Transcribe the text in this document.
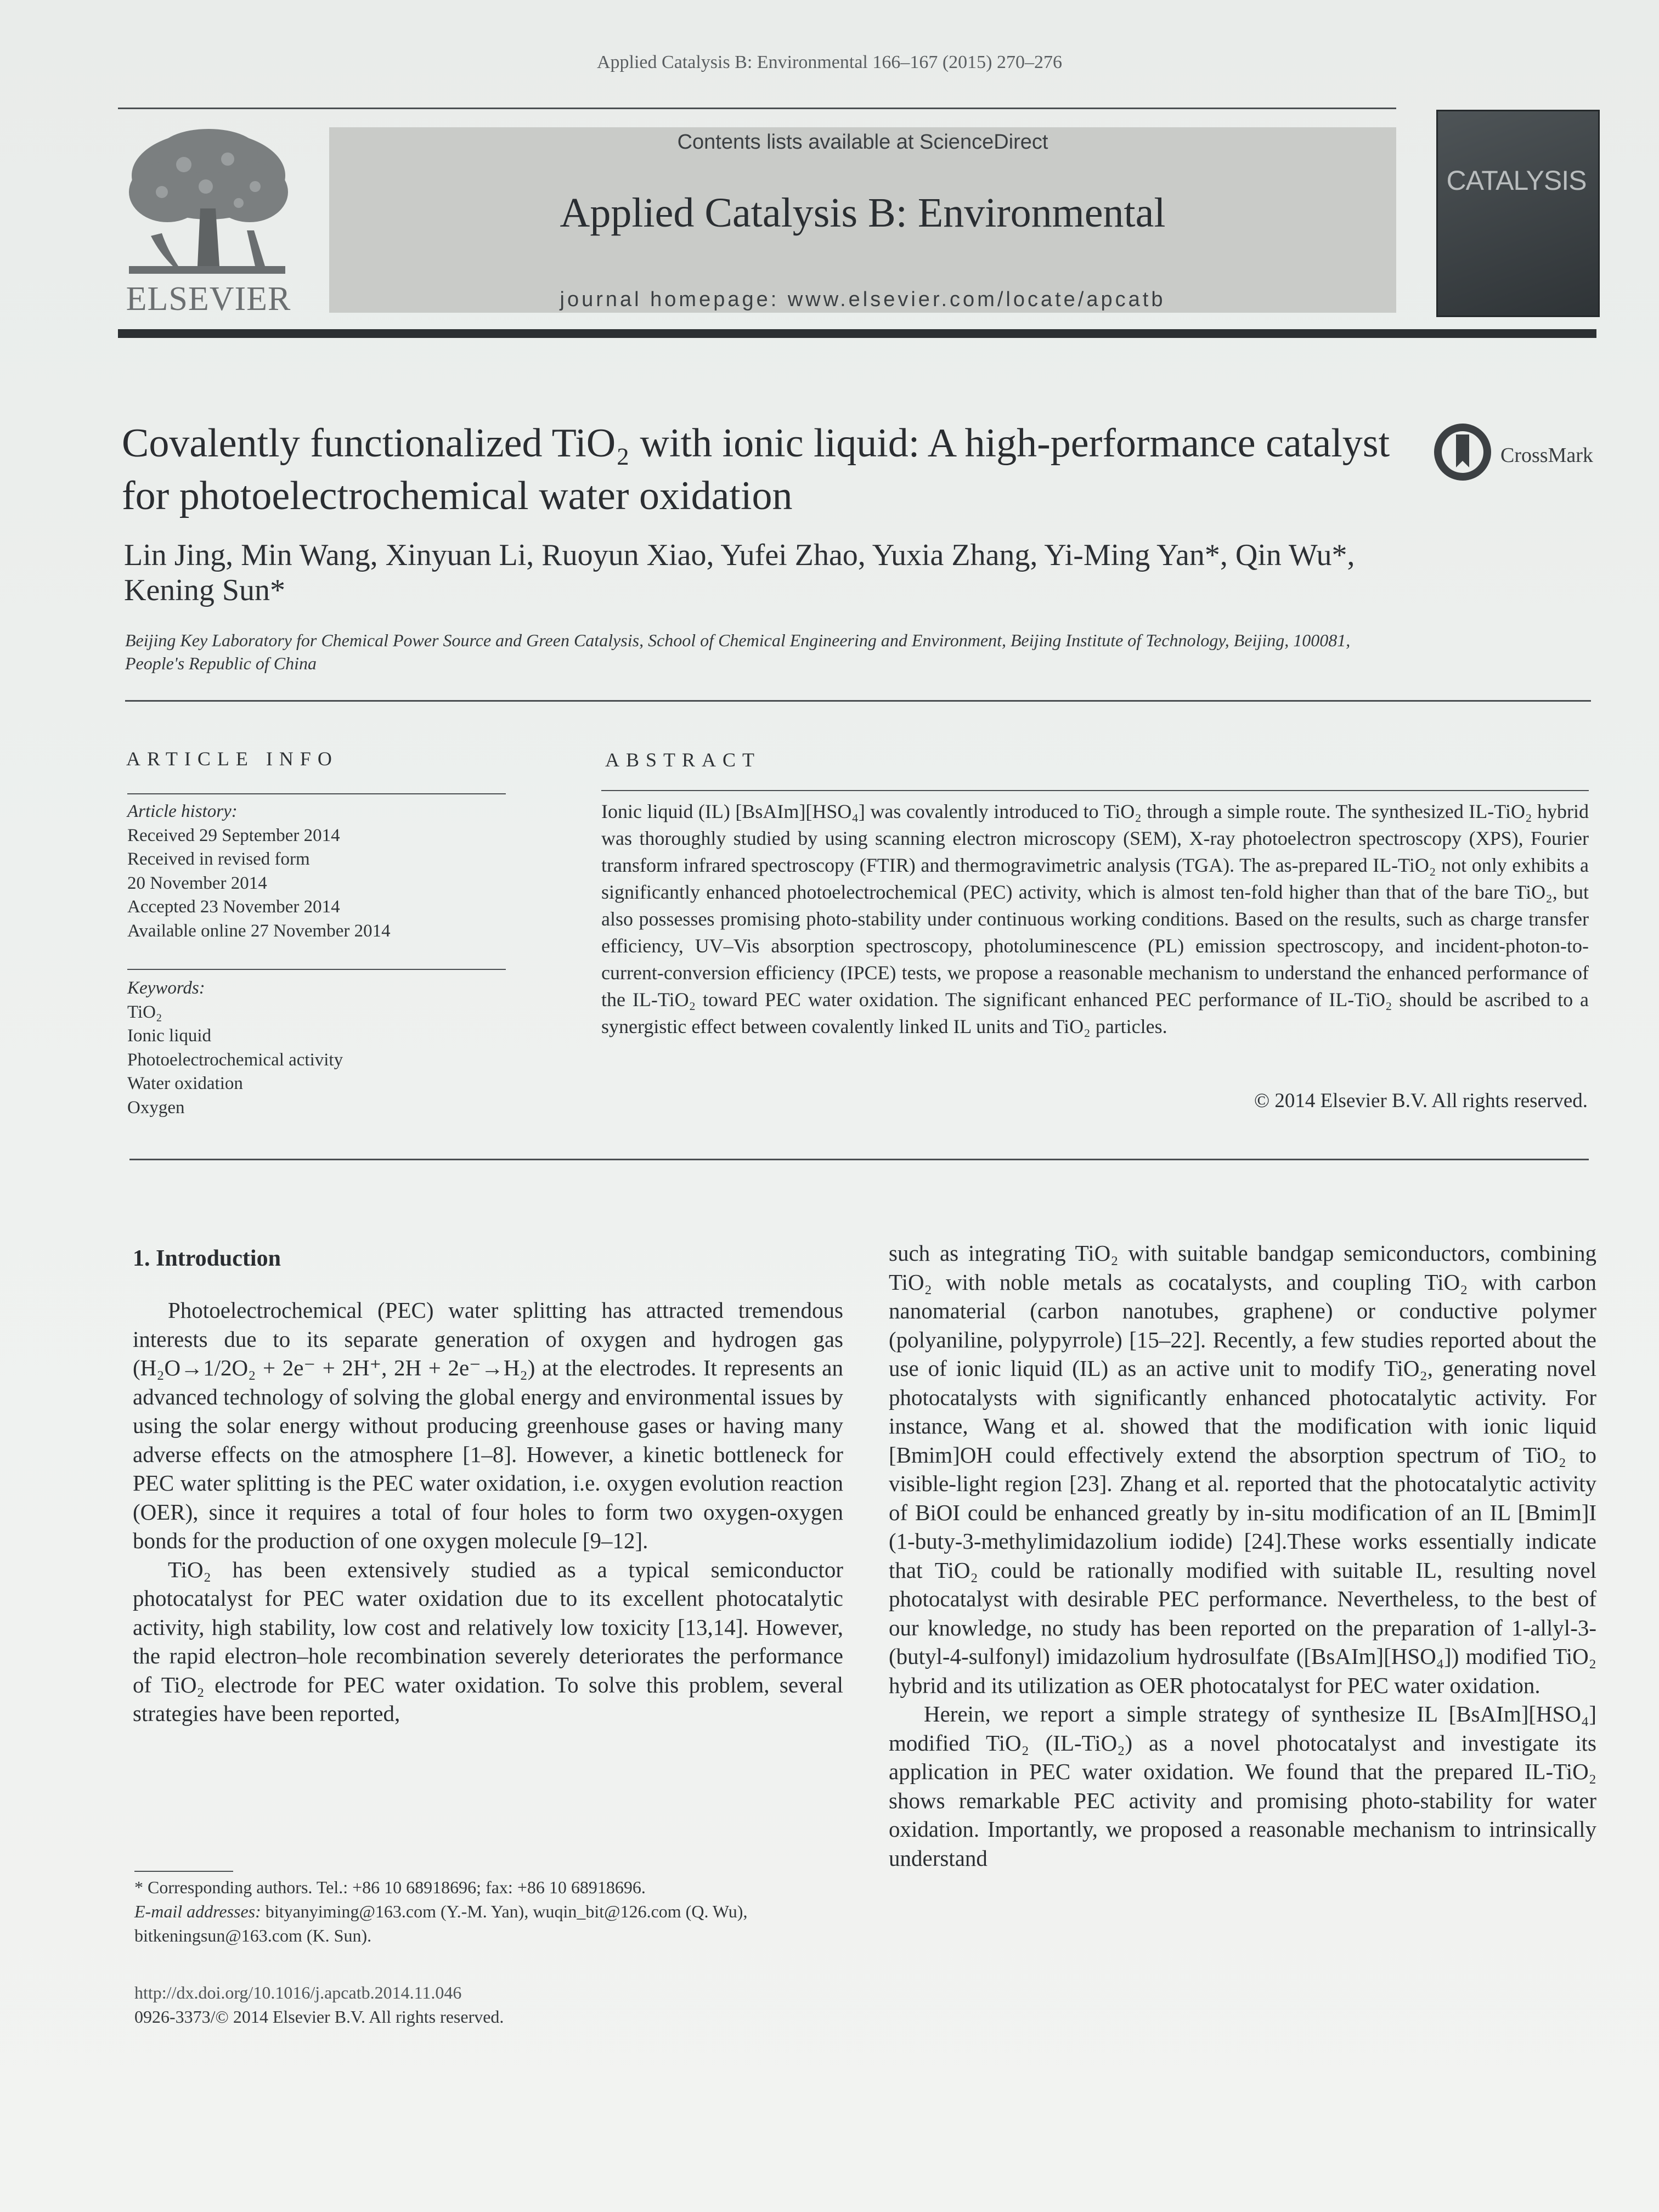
Applied Catalysis B: Environmental 166–167 (2015) 270–276
ELSEVIER
Contents lists available at ScienceDirect
Applied Catalysis B: Environmental
journal homepage: www.elsevier.com/locate/apcatb
CATALYSIS
Covalently functionalized TiO₂ with ionic liquid: A high-performance catalyst for photoelectrochemical water oxidation
CrossMark
Lin Jing, Min Wang, Xinyuan Li, Ruoyun Xiao, Yufei Zhao, Yuxia Zhang, Yi-Ming Yan*, Qin Wu*, Kening Sun*
Beijing Key Laboratory for Chemical Power Source and Green Catalysis, School of Chemical Engineering and Environment, Beijing Institute of Technology, Beijing, 100081, People's Republic of China
ARTICLE INFO
Article history:
Received 29 September 2014
Received in revised form
20 November 2014
Accepted 23 November 2014
Available online 27 November 2014
Keywords:
TiO₂
Ionic liquid
Photoelectrochemical activity
Water oxidation
Oxygen
ABSTRACT
Ionic liquid (IL) [BsAIm][HSO₄] was covalently introduced to TiO₂ through a simple route. The synthesized IL-TiO₂ hybrid was thoroughly studied by using scanning electron microscopy (SEM), X-ray photoelectron spectroscopy (XPS), Fourier transform infrared spectroscopy (FTIR) and thermogravimetric analysis (TGA). The as-prepared IL-TiO₂ not only exhibits a significantly enhanced photoelectrochemical (PEC) activity, which is almost ten-fold higher than that of the bare TiO₂, but also possesses promising photo-stability under continuous working conditions. Based on the results, such as charge transfer efficiency, UV–Vis absorption spectroscopy, photoluminescence (PL) emission spectroscopy, and incident-photon-to-current-conversion efficiency (IPCE) tests, we propose a reasonable mechanism to understand the enhanced performance of the IL-TiO₂ toward PEC water oxidation. The significant enhanced PEC performance of IL-TiO₂ should be ascribed to a synergistic effect between covalently linked IL units and TiO₂ particles.
© 2014 Elsevier B.V. All rights reserved.
1. Introduction

Photoelectrochemical (PEC) water splitting has attracted tremendous interests due to its separate generation of oxygen and hydrogen gas (H₂O→1/2O₂ + 2e⁻ + 2H⁺, 2H + 2e⁻→H₂) at the electrodes. It represents an advanced technology of solving the global energy and environmental issues by using the solar energy without producing greenhouse gases or having many adverse effects on the atmosphere [1–8]. However, a kinetic bottleneck for PEC water splitting is the PEC water oxidation, i.e. oxygen evolution reaction (OER), since it requires a total of four holes to form two oxygen-oxygen bonds for the production of one oxygen molecule [9–12].

TiO₂ has been extensively studied as a typical semiconductor photocatalyst for PEC water oxidation due to its excellent photocatalytic activity, high stability, low cost and relatively low toxicity [13,14]. However, the rapid electron–hole recombination severely deteriorates the performance of TiO₂ electrode for PEC water oxidation. To solve this problem, several strategies have been reported,

such as integrating TiO₂ with suitable bandgap semiconductors, combining TiO₂ with noble metals as cocatalysts, and coupling TiO₂ with carbon nanomaterial (carbon nanotubes, graphene) or conductive polymer (polyaniline, polypyrrole) [15–22]. Recently, a few studies reported about the use of ionic liquid (IL) as an active unit to modify TiO₂, generating novel photocatalysts with significantly enhanced photocatalytic activity. For instance, Wang et al. showed that the modification with ionic liquid [Bmim]OH could effectively extend the absorption spectrum of TiO₂ to visible-light region [23]. Zhang et al. reported that the photocatalytic activity of BiOI could be enhanced greatly by in-situ modification of an IL [Bmim]I (1-buty-3-methylimidazolium iodide) [24].These works essentially indicate that TiO₂ could be rationally modified with suitable IL, resulting novel photocatalyst with desirable PEC performance. Nevertheless, to the best of our knowledge, no study has been reported on the preparation of 1-allyl-3-(butyl-4-sulfonyl) imidazolium hydrosulfate ([BsAIm][HSO₄]) modified TiO₂ hybrid and its utilization as OER photocatalyst for PEC water oxidation.

Herein, we report a simple strategy of synthesize IL [BsAIm][HSO₄] modified TiO₂ (IL-TiO₂) as a novel photocatalyst and investigate its application in PEC water oxidation. We found that the prepared IL-TiO₂ shows remarkable PEC activity and promising photo-stability for water oxidation. Importantly, we proposed a reasonable mechanism to intrinsically understand

* Corresponding authors. Tel.: +86 10 68918696; fax: +86 10 68918696.
E-mail addresses: bityanyiming@163.com (Y.-M. Yan), wuqin_bit@126.com (Q. Wu), bitkeningsun@163.com (K. Sun).
http://dx.doi.org/10.1016/j.apcatb.2014.11.046
0926-3373/© 2014 Elsevier B.V. All rights reserved.
